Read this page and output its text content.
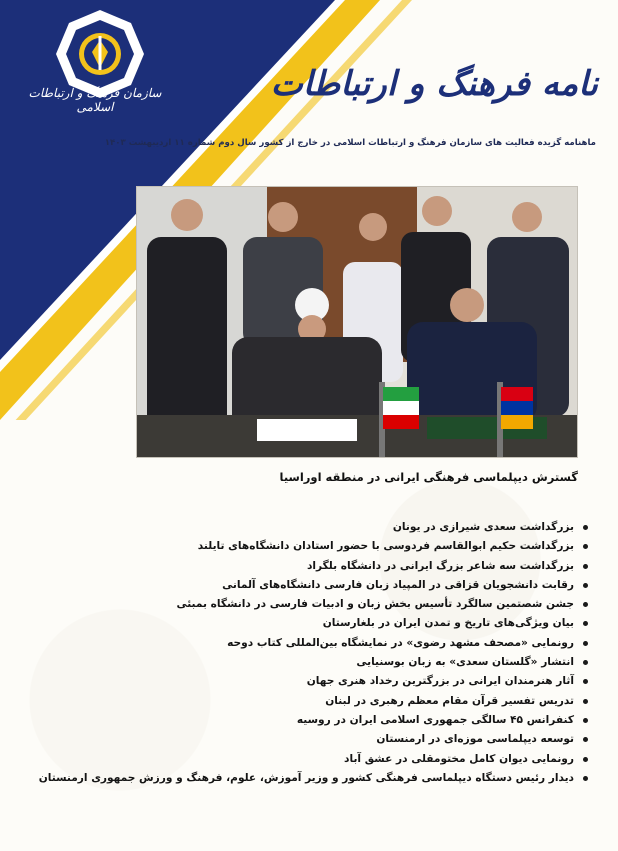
سازمان فرهنگ و ارتباطات اسلامی
نامه فرهنگ و ارتباطات
ماهنامه گزیده فعالیت های سازمان فرهنگ و ارتباطات اسلامی در خارج از کشور سال دوم شماره ۱۱ اردیبهشت ۱۴۰۳
گسترش دیپلماسی فرهنگی ایرانی در منطقه اوراسیا
بزرگداشت سعدی شیرازی در یونان
بزرگداشت حکیم ابوالقاسم فردوسی با حضور استادان دانشگاه‌های تایلند
بزرگداشت سه شاعر بزرگ ایرانی در دانشگاه بلگراد
رقابت دانشجویان قزاقی در المپیاد زبان فارسی دانشگاه‌های آلمانی
جشن شصتمین سالگرد تأسیس بخش زبان و ادبیات فارسی در دانشگاه بمبئی
بیان ویژگی‌های تاریخ و تمدن ایران در بلغارستان
رونمایی «مصحف مشهد رضوی» در نمایشگاه بین‌المللی کتاب دوحه
انتشار «گلستان سعدی» به زبان بوسنیایی
آثار هنرمندان ایرانی در بزرگترین رخداد هنری جهان
تدریس تفسیر قرآن مقام معظم رهبری در لبنان
کنفرانس ۴۵ سالگی جمهوری اسلامی ایران در روسیه
توسعه دیپلماسی موزه‌ای در ارمنستان
رونمایی دیوان کامل مختومقلی در عشق آباد
دیدار رئیس دستگاه دیپلماسی فرهنگی کشور و وزیر آموزش، علوم، فرهنگ و ورزش جمهوری ارمنستان
